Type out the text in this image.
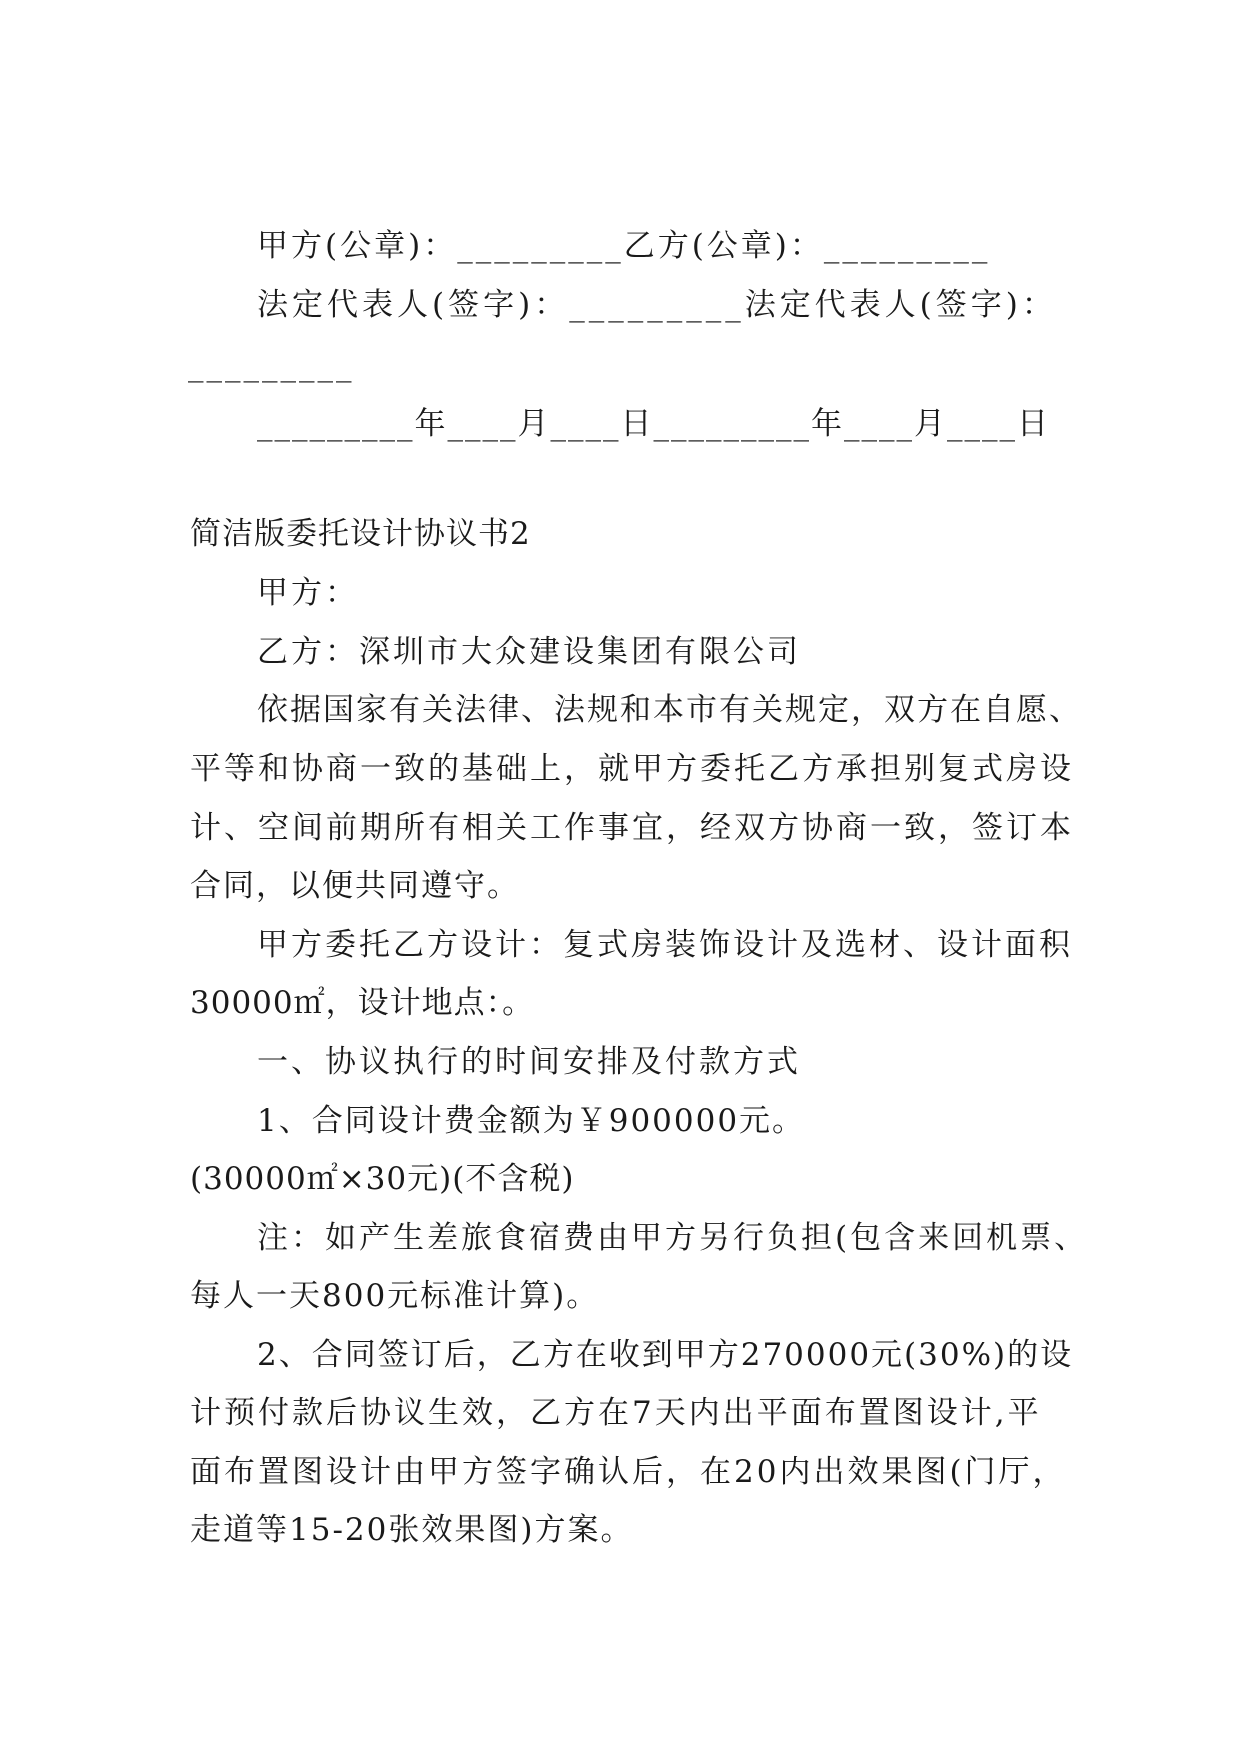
甲方(公章)：_________乙方(公章)：_________
法定代表人(签字)：_________法定代表人(签字)：
_________
_________年____月____日_________年____月____日
简洁版委托设计协议书2
甲方：
乙方：深圳市大众建设集团有限公司
依据国家有关法律、法规和本市有关规定，双方在自愿、
平等和协商一致的基础上，就甲方委托乙方承担别复式房设
计、空间前期所有相关工作事宜，经双方协商一致，签订本
合同，以便共同遵守。
甲方委托乙方设计：复式房装饰设计及选材、设计面积
30000㎡，设计地点：。
一、协议执行的时间安排及付款方式
1、合同设计费金额为￥900000元。
(30000㎡×30元)(不含税)
注：如产生差旅食宿费由甲方另行负担(包含来回机票、
每人一天800元标准计算)。
2、合同签订后，乙方在收到甲方270000元(30%)的设
计预付款后协议生效，乙方在7天内出平面布置图设计,平
面布置图设计由甲方签字确认后，在20内出效果图(门厅，
走道等15-20张效果图)方案。
